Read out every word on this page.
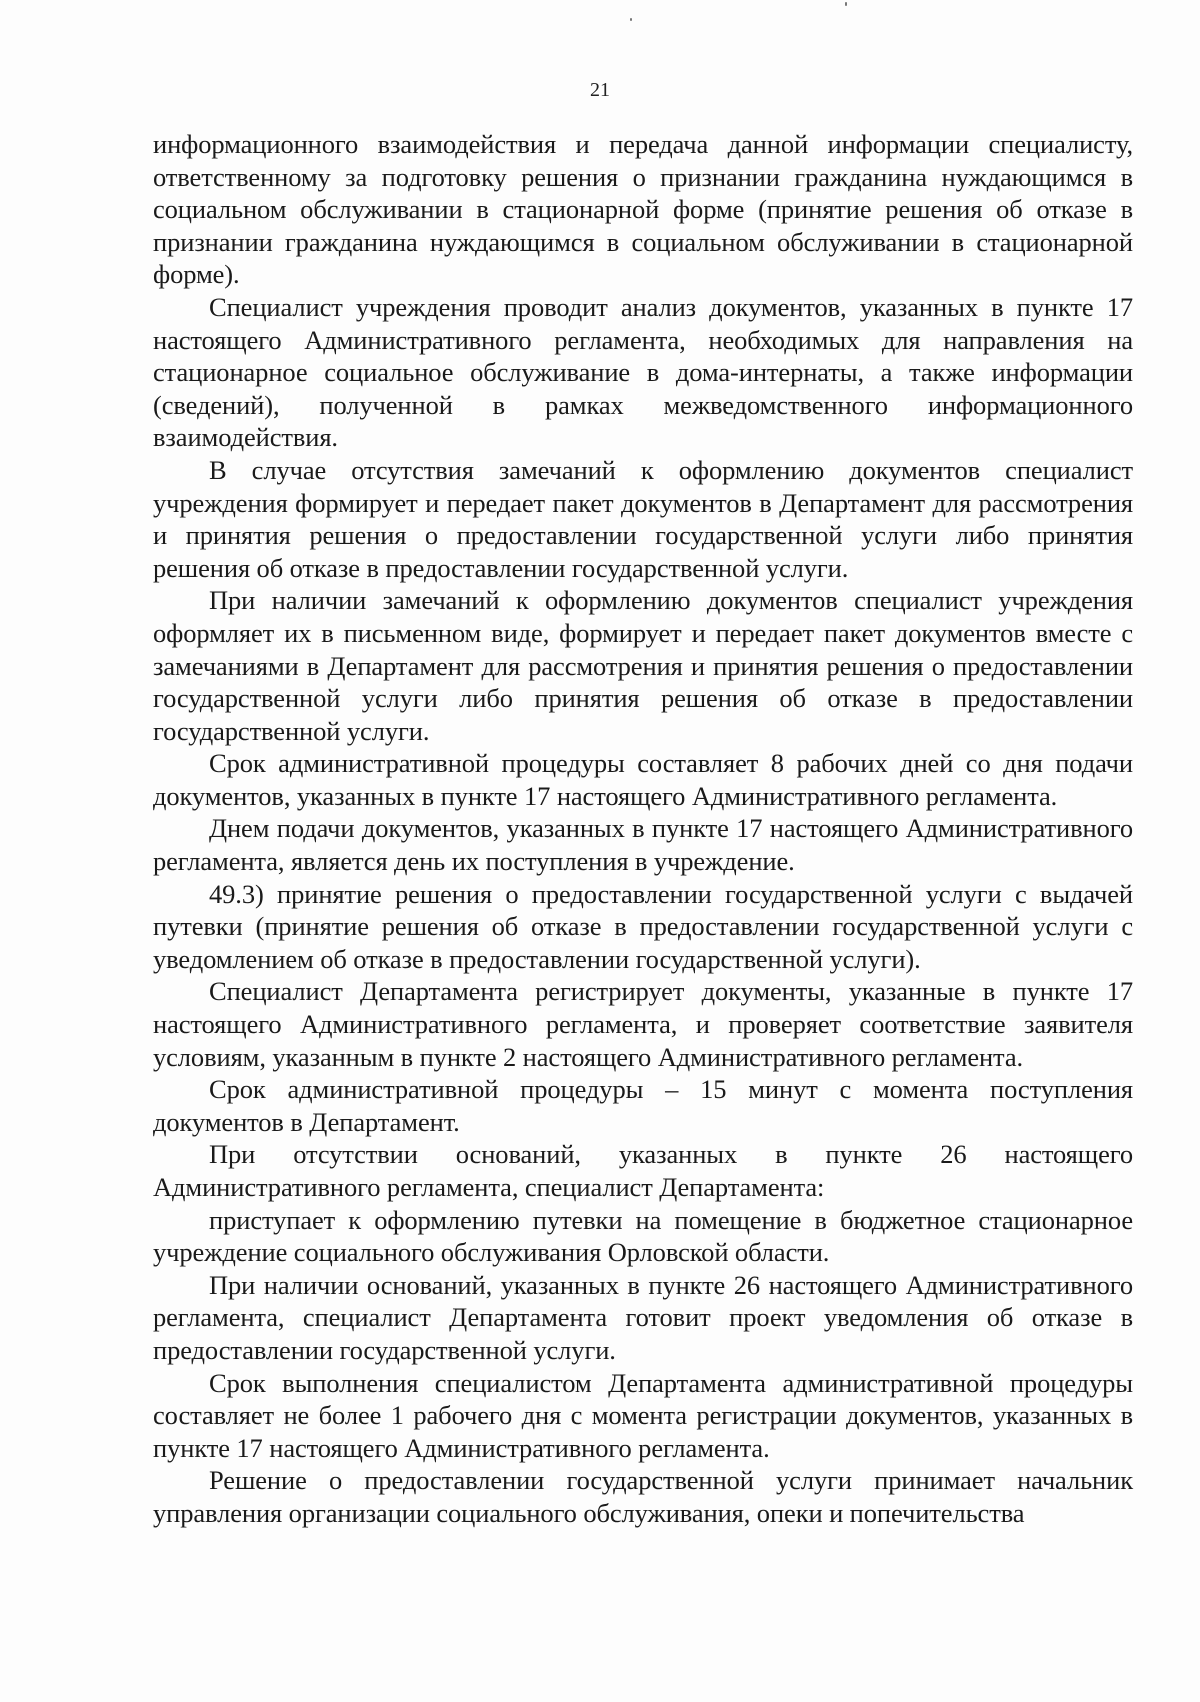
21

информационного взаимодействия и передача данной информации специалисту, ответственному за подготовку решения о признании гражданина нуждающимся в социальном обслуживании в стационарной форме (принятие решения об отказе в признании гражданина нуждающимся в социальном обслуживании в стационарной форме).

Специалист учреждения проводит анализ документов, указанных в пункте 17 настоящего Административного регламента, необходимых для направления на стационарное социальное обслуживание в дома-интернаты, а также информации (сведений), полученной в рамках межведомственного информационного взаимодействия.

В случае отсутствия замечаний к оформлению документов специалист учреждения формирует и передает пакет документов в Департамент для рассмотрения и принятия решения о предоставлении государственной услуги либо принятия решения об отказе в предоставлении государственной услуги.

При наличии замечаний к оформлению документов специалист учреждения оформляет их в письменном виде, формирует и передает пакет документов вместе с замечаниями в Департамент для рассмотрения и принятия решения о предоставлении государственной услуги либо принятия решения об отказе в предоставлении государственной услуги.

Срок административной процедуры составляет 8 рабочих дней со дня подачи документов, указанных в пункте 17 настоящего Административного регламента.

Днем подачи документов, указанных в пункте 17 настоящего Административного регламента, является день их поступления в учреждение.

49.3) принятие решения о предоставлении государственной услуги с выдачей путевки (принятие решения об отказе в предоставлении государственной услуги с уведомлением об отказе в предоставлении государственной услуги).

Специалист Департамента регистрирует документы, указанные в пункте 17 настоящего Административного регламента, и проверяет соответствие заявителя условиям, указанным в пункте 2 настоящего Административного регламента.

Срок административной процедуры – 15 минут с момента поступления документов в Департамент.

При отсутствии оснований, указанных в пункте 26 настоящего Административного регламента, специалист Департамента:

приступает к оформлению путевки на помещение в бюджетное стационарное учреждение социального обслуживания Орловской области.

При наличии оснований, указанных в пункте 26 настоящего Административного регламента, специалист Департамента готовит проект уведомления об отказе в предоставлении государственной услуги.

Срок выполнения специалистом Департамента административной процедуры составляет не более 1 рабочего дня с момента регистрации документов, указанных в пункте 17 настоящего Административного регламента.

Решение о предоставлении государственной услуги принимает начальник управления организации социального обслуживания, опеки и попечительства
